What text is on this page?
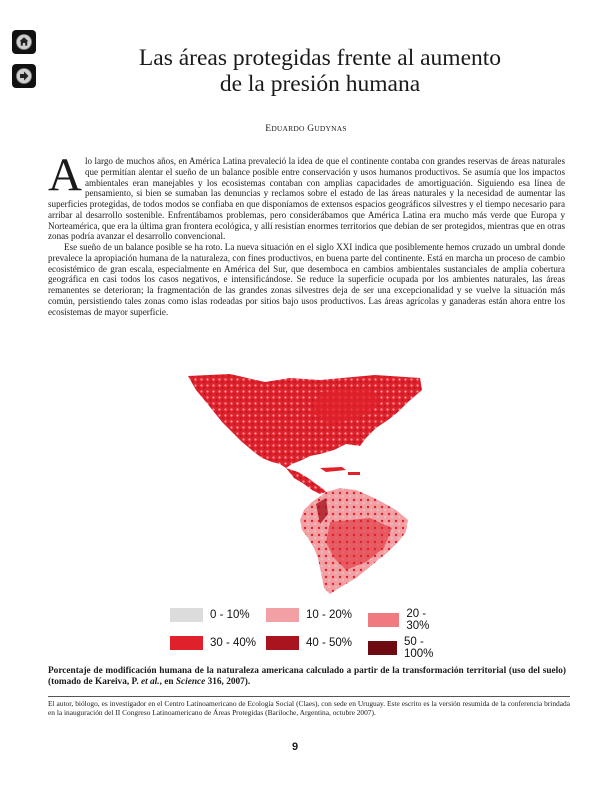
Las áreas protegidas frente al aumento
de la presión humana
EDUARDO GUDYNAS

Alo largo de muchos años, en América Latina prevaleció la idea de que el continente contaba con grandes reservas de áreas naturales que permitían alentar el sueño de un balance posible entre conservación y usos humanos productivos. Se asumía que los impactos ambientales eran manejables y los ecosistemas contaban con amplias capacidades de amortiguación. Siguiendo esa línea de pensamiento, si bien se sumaban las denuncias y reclamos sobre el estado de las áreas naturales y la necesidad de aumentar las superficies protegidas, de todos modos se confiaba en que disponíamos de extensos espacios geográficos silvestres y el tiempo necesario para arribar al desarrollo sostenible. Enfrentábamos problemas, pero considerábamos que América Latina era mucho más verde que Europa y Norteamérica, que era la última gran frontera ecológica, y allí resistían enormes territorios que debían de ser protegidos, mientras que en otras zonas podría avanzar el desarrollo convencional.

Ese sueño de un balance posible se ha roto. La nueva situación en el siglo XXI indica que posiblemente hemos cruzado un umbral donde prevalece la apropiación humana de la naturaleza, con fines productivos, en buena parte del continente. Está en marcha un proceso de cambio ecosistémico de gran escala, especialmente en América del Sur, que desemboca en cambios ambientales sustanciales de amplia cobertura geográfica en casi todos los casos negativos, e intensificándose. Se reduce la superficie ocupada por los ambientes naturales, las áreas remanentes se deterioran; la fragmentación de las grandes zonas silvestres deja de ser una excepcionalidad y se vuelve la situación más común, persistiendo tales zonas como islas rodeadas por sitios bajo usos productivos. Las áreas agrícolas y ganaderas están ahora entre los ecosistemas de mayor superficie.

0 - 10%	10 - 20%	20 - 30%
30 - 40%	40 - 50%	50 - 100%

Porcentaje de modificación humana de la naturaleza americana calculado a partir de la transformación territorial (uso del suelo) (tomado de Kareiva, P. et al., en Science 316, 2007).

El autor, biólogo, es investigador en el Centro Latinoamericano de Ecología Social (Claes), con sede en Uruguay. Este escrito es la versión resumida de la conferencia brindada en la inauguración del II Congreso Latinoamericano de Áreas Protegidas (Bariloche, Argentina, octubre 2007).

9
